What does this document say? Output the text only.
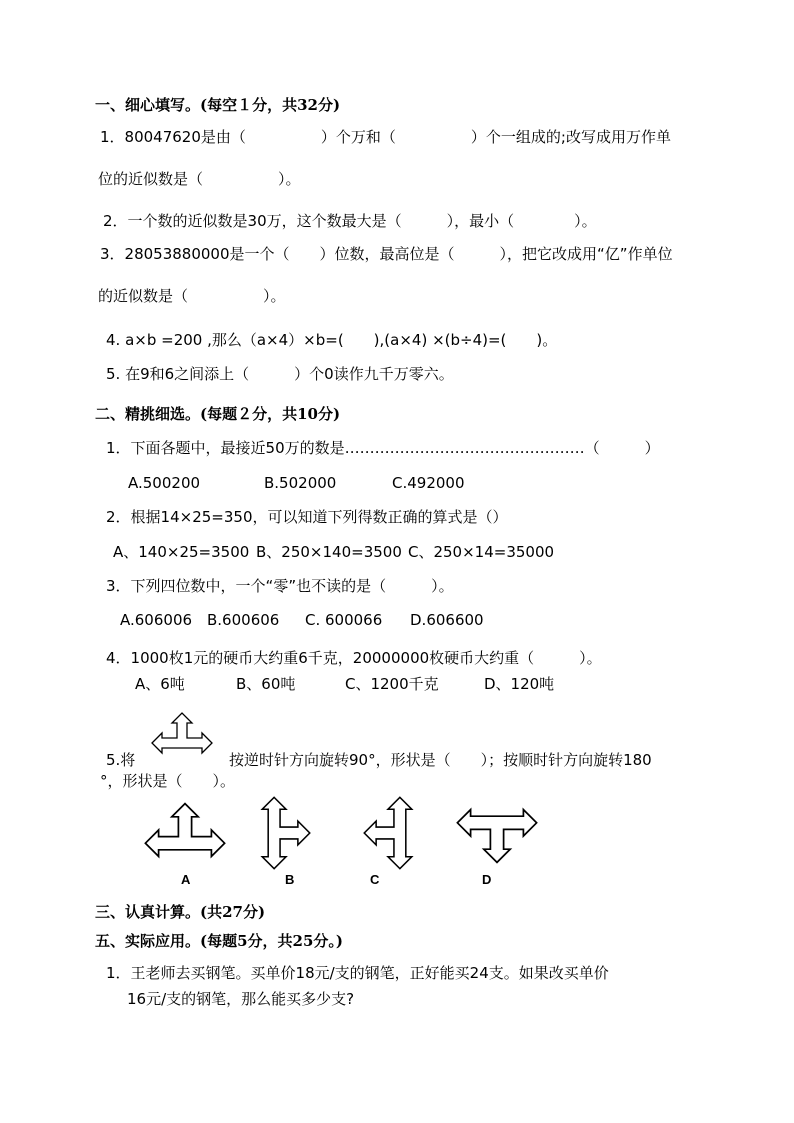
一、细心填写。(每空１分，共32分)
1．80047620是由（　　　　　）个万和（　　　　　）个一组成的;改写成用万作单
位的近似数是（　　　　　）。
2．一个数的近似数是30万，这个数最大是（　　　），最小（　　　　）。
3．28053880000是一个（　　）位数，最高位是（　　　），把它改成用“亿”作单位
的近似数是（　　　　　）。
4. a×b =200 ,那么（a×4）×b=(　　),(a×4) ×(b÷4)=(　　)。
5. 在9和6之间添上（　　　）个0读作九千万零六。
二、精挑细选。(每题２分，共10分)
1．下面各题中，最接近50万的数是…………………………………………（　　　）
A.500200	B.502000	C.492000
2．根据14×25=350，可以知道下列得数正确的算式是（）
A、140×25=3500 B、250×140=3500 C、250×14=35000
3．下列四位数中，一个“零”也不读的是（　　　）。
A.606006 B.600606 C. 600066 D.606600
4．1000枚1元的硬币大约重6千克，20000000枚硬币大约重（　　　）。
A、6吨	B、60吨	C、1200千克	D、120吨
5.将	按逆时针方向旋转90°，形状是（　　）；按顺时针方向旋转180
°，形状是（　　）。
A	B	C	D
三、认真计算。(共27分)
五、实际应用。(每题5分，共25分。)
1．王老师去买钢笔。买单价18元/支的钢笔，正好能买24支。如果改买单价
16元/支的钢笔，那么能买多少支?
